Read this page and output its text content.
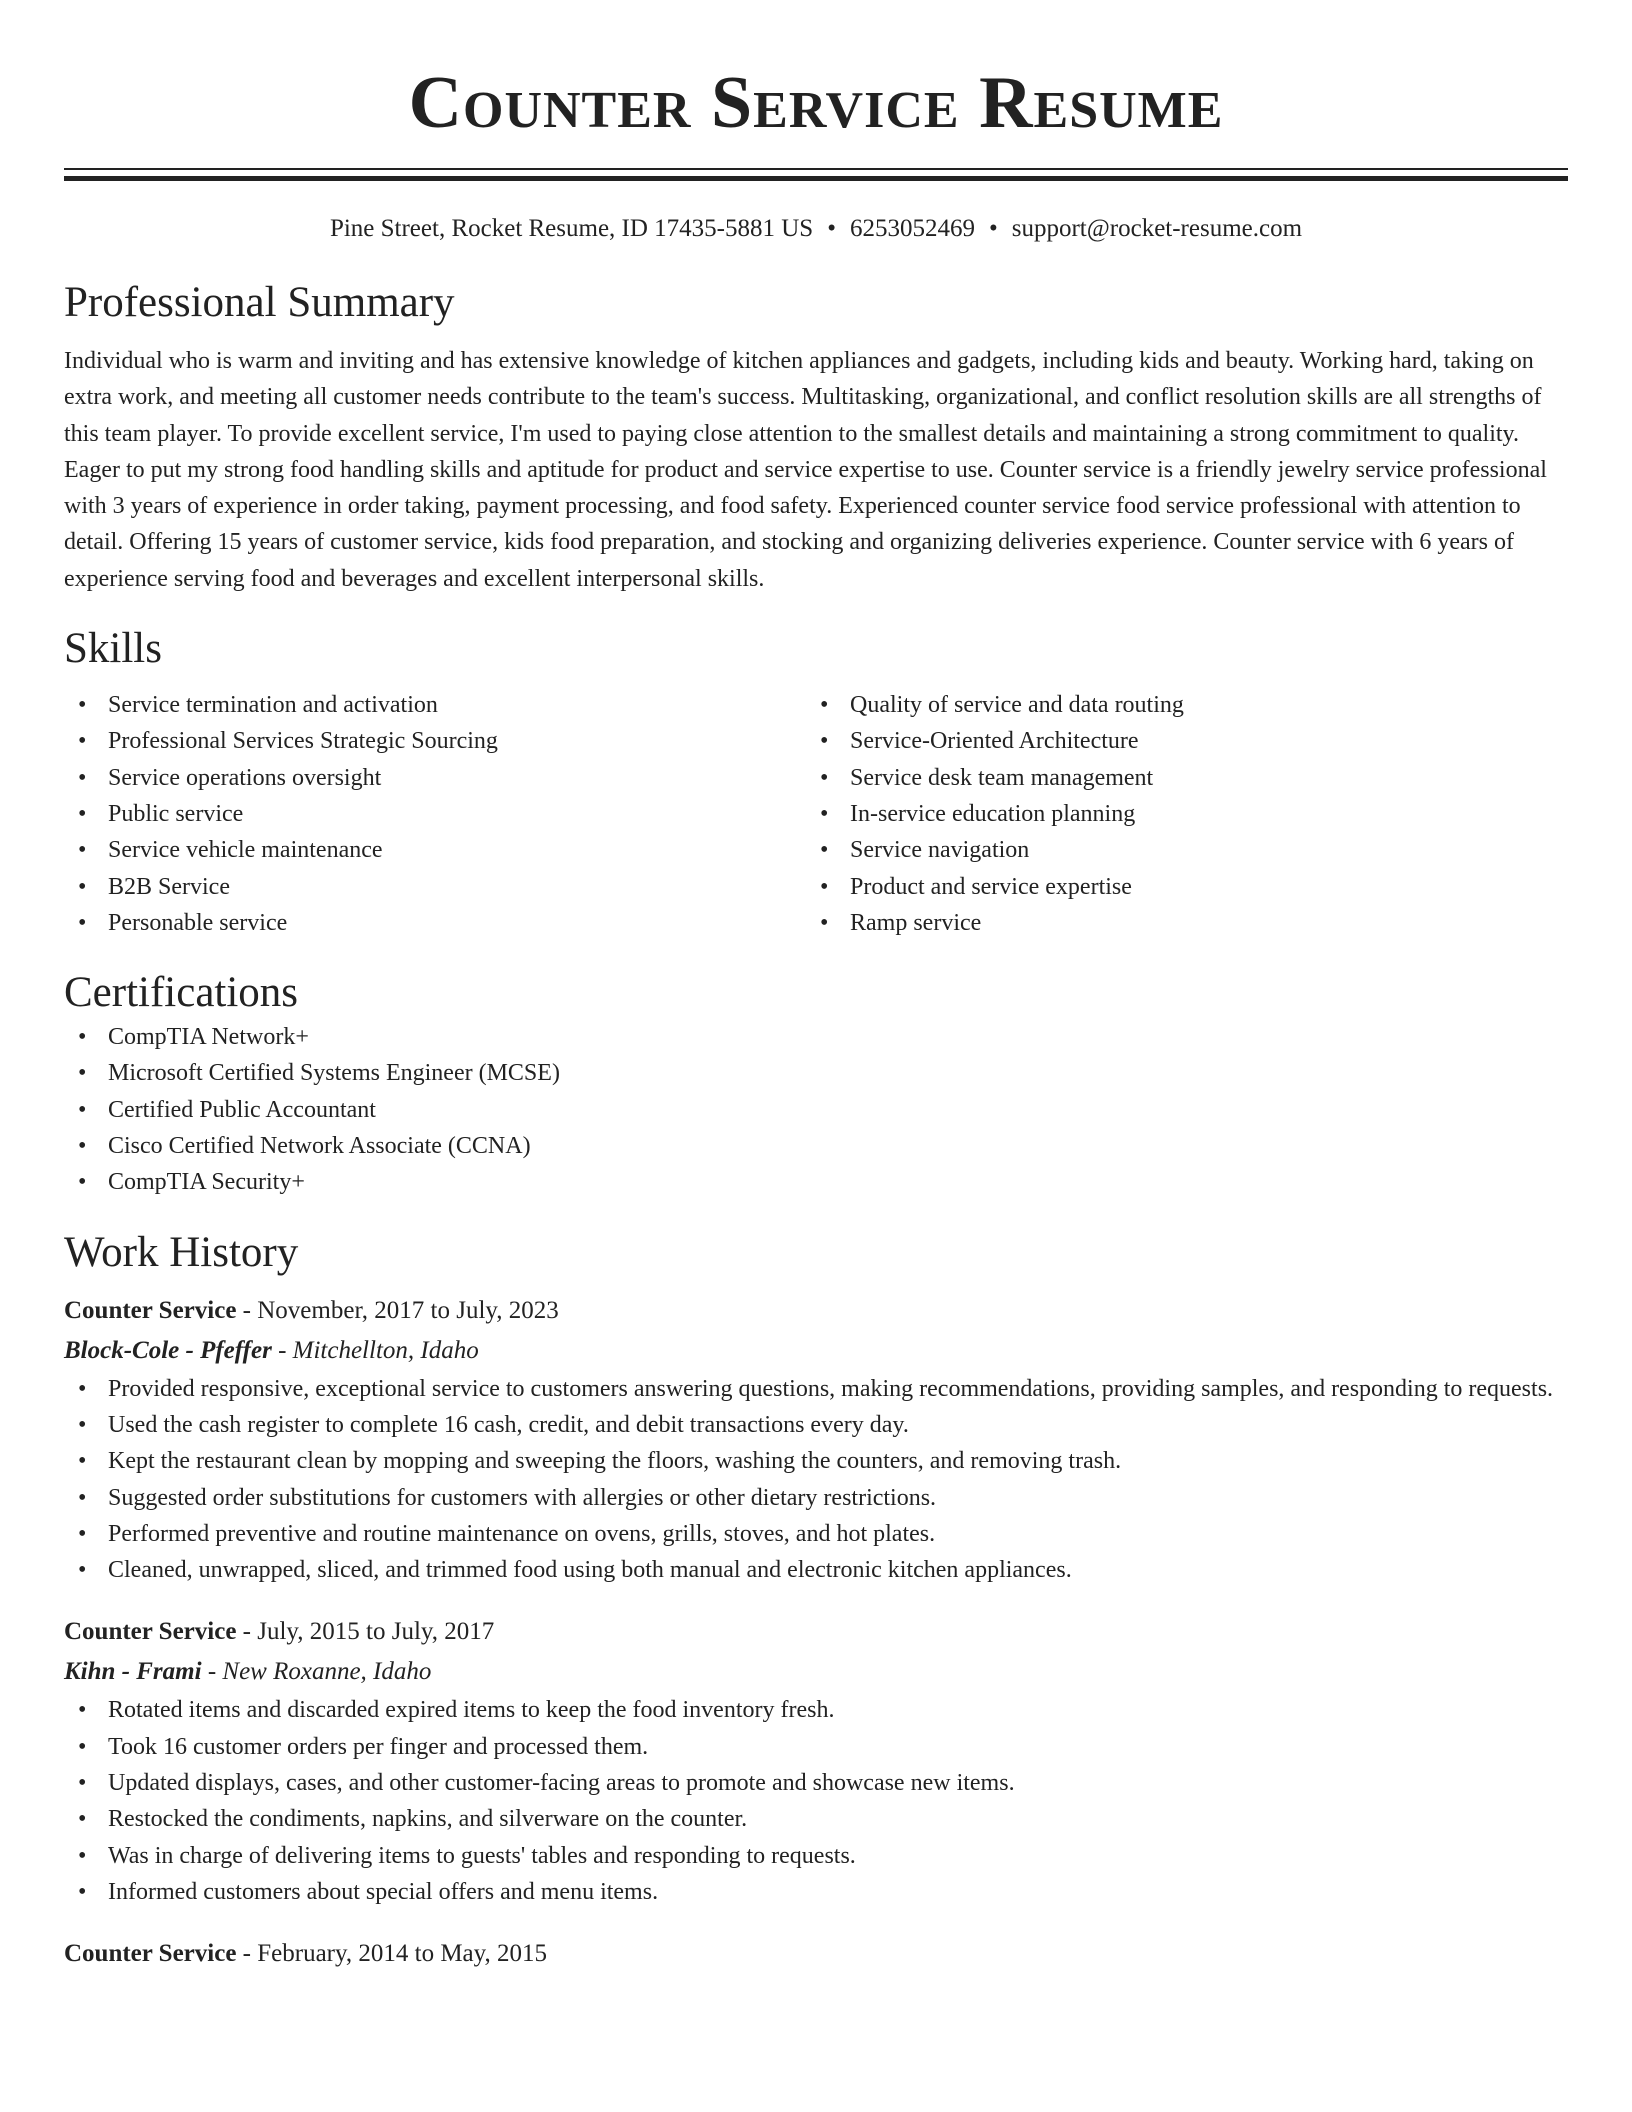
Counter Service Resume
Pine Street, Rocket Resume, ID 17435-5881 US • 6253052469 • support@rocket-resume.com
Professional Summary

Individual who is warm and inviting and has extensive knowledge of kitchen appliances and gadgets, including kids and beauty. Working hard, taking on extra work, and meeting all customer needs contribute to the team's success. Multitasking, organizational, and conflict resolution skills are all strengths of this team player. To provide excellent service, I'm used to paying close attention to the smallest details and maintaining a strong commitment to quality. Eager to put my strong food handling skills and aptitude for product and service expertise to use. Counter service is a friendly jewelry service professional with 3 years of experience in order taking, payment processing, and food safety. Experienced counter service food service professional with attention to detail. Offering 15 years of customer service, kids food preparation, and stocking and organizing deliveries experience. Counter service with 6 years of experience serving food and beverages and excellent interpersonal skills.

Skills
• Service termination and activation
• Professional Services Strategic Sourcing
• Service operations oversight
• Public service
• Service vehicle maintenance
• B2B Service
• Personable service
• Quality of service and data routing
• Service-Oriented Architecture
• Service desk team management
• In-service education planning
• Service navigation
• Product and service expertise
• Ramp service
Certifications
• CompTIA Network+
• Microsoft Certified Systems Engineer (MCSE)
• Certified Public Accountant
• Cisco Certified Network Associate (CCNA)
• CompTIA Security+
Work History
Counter Service - November, 2017 to July, 2023
Block-Cole - Pfeffer - Mitchellton, Idaho
• Provided responsive, exceptional service to customers answering questions, making recommendations, providing samples, and responding to requests.
• Used the cash register to complete 16 cash, credit, and debit transactions every day.
• Kept the restaurant clean by mopping and sweeping the floors, washing the counters, and removing trash.
• Suggested order substitutions for customers with allergies or other dietary restrictions.
• Performed preventive and routine maintenance on ovens, grills, stoves, and hot plates.
• Cleaned, unwrapped, sliced, and trimmed food using both manual and electronic kitchen appliances.
Counter Service - July, 2015 to July, 2017
Kihn - Frami - New Roxanne, Idaho
• Rotated items and discarded expired items to keep the food inventory fresh.
• Took 16 customer orders per finger and processed them.
• Updated displays, cases, and other customer-facing areas to promote and showcase new items.
• Restocked the condiments, napkins, and silverware on the counter.
• Was in charge of delivering items to guests' tables and responding to requests.
• Informed customers about special offers and menu items.
Counter Service - February, 2014 to May, 2015
